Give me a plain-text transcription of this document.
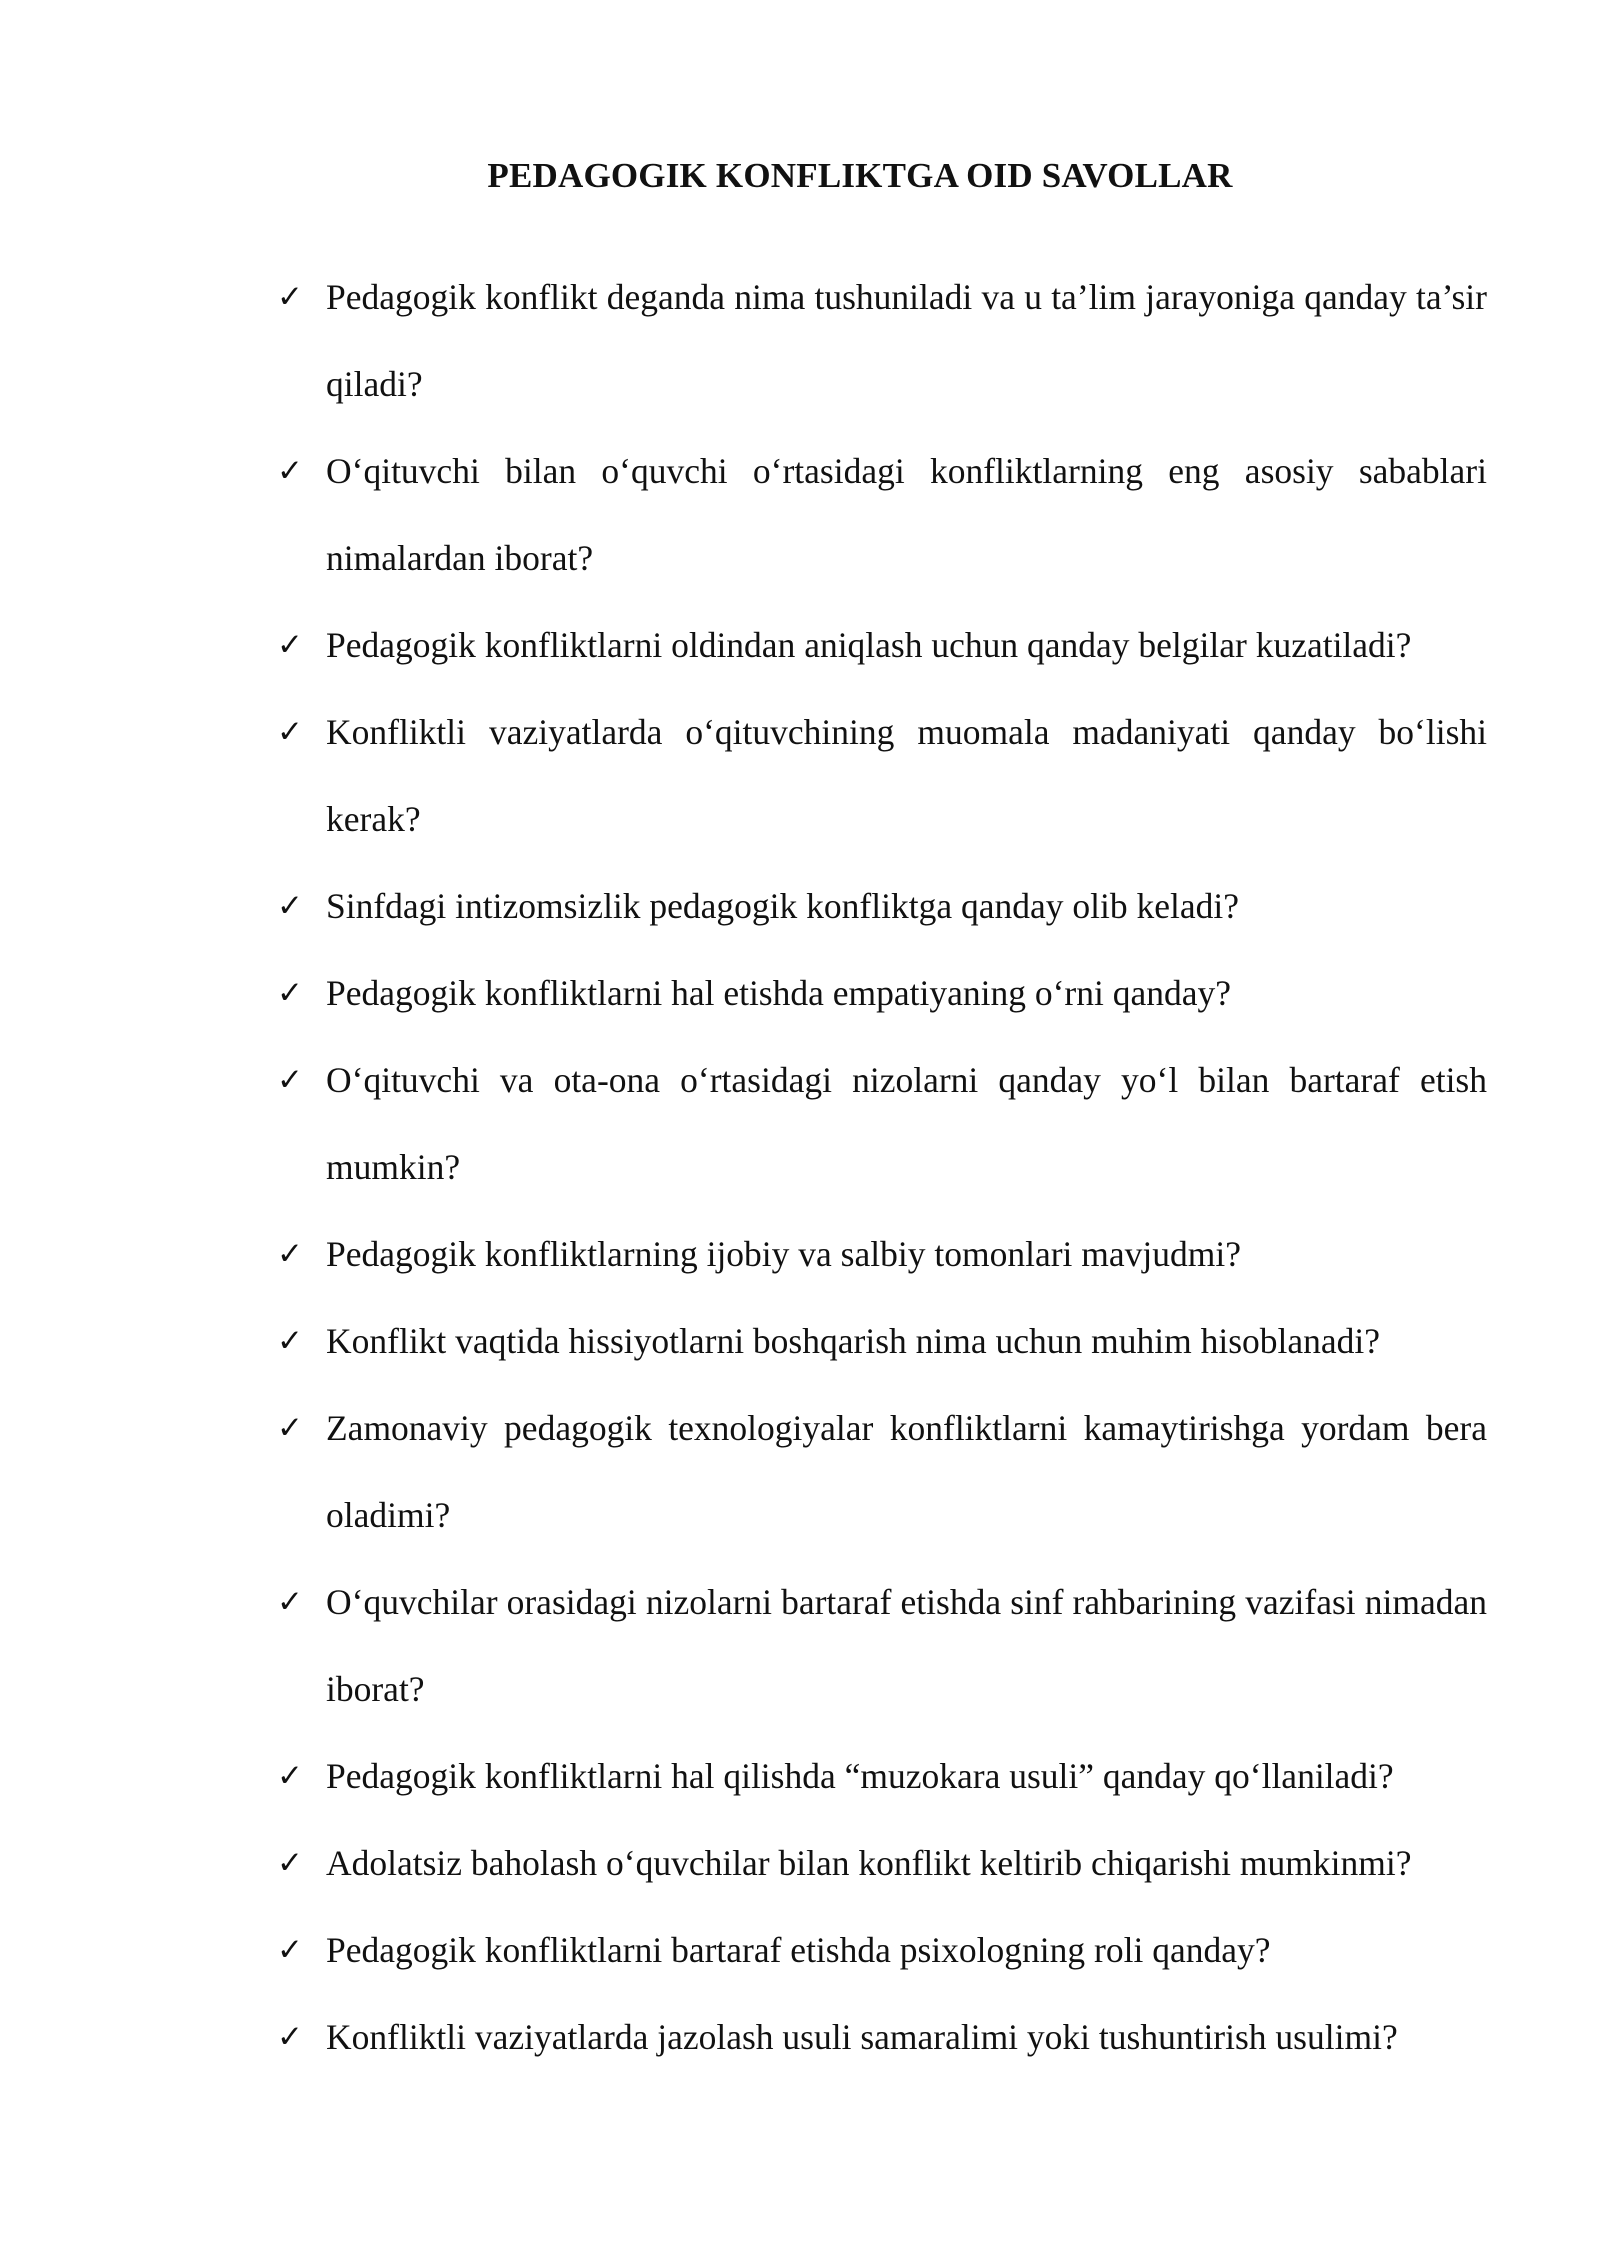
PEDAGOGIK KONFLIKTGA OID SAVOLLAR
✓ Pedagogik konflikt deganda nima tushuniladi va u ta’lim jarayoniga qanday ta’sir qiladi?
✓ O‘qituvchi bilan o‘quvchi o‘rtasidagi konfliktlarning eng asosiy sabablari nimalardan iborat?
✓ Pedagogik konfliktlarni oldindan aniqlash uchun qanday belgilar kuzatiladi?
✓ Konfliktli vaziyatlarda o‘qituvchining muomala madaniyati qanday bo‘lishi kerak?
✓ Sinfdagi intizomsizlik pedagogik konfliktga qanday olib keladi?
✓ Pedagogik konfliktlarni hal etishda empatiyaning o‘rni qanday?
✓ O‘qituvchi va ota-ona o‘rtasidagi nizolarni qanday yo‘l bilan bartaraf etish mumkin?
✓ Pedagogik konfliktlarning ijobiy va salbiy tomonlari mavjudmi?
✓ Konflikt vaqtida hissiyotlarni boshqarish nima uchun muhim hisoblanadi?
✓ Zamonaviy pedagogik texnologiyalar konfliktlarni kamaytirishga yordam bera oladimi?
✓ O‘quvchilar orasidagi nizolarni bartaraf etishda sinf rahbarining vazifasi nimadan iborat?
✓ Pedagogik konfliktlarni hal qilishda “muzokara usuli” qanday qo‘llaniladi?
✓ Adolatsiz baholash o‘quvchilar bilan konflikt keltirib chiqarishi mumkinmi?
✓ Pedagogik konfliktlarni bartaraf etishda psixologning roli qanday?
✓ Konfliktli vaziyatlarda jazolash usuli samaralimi yoki tushuntirish usulimi?
